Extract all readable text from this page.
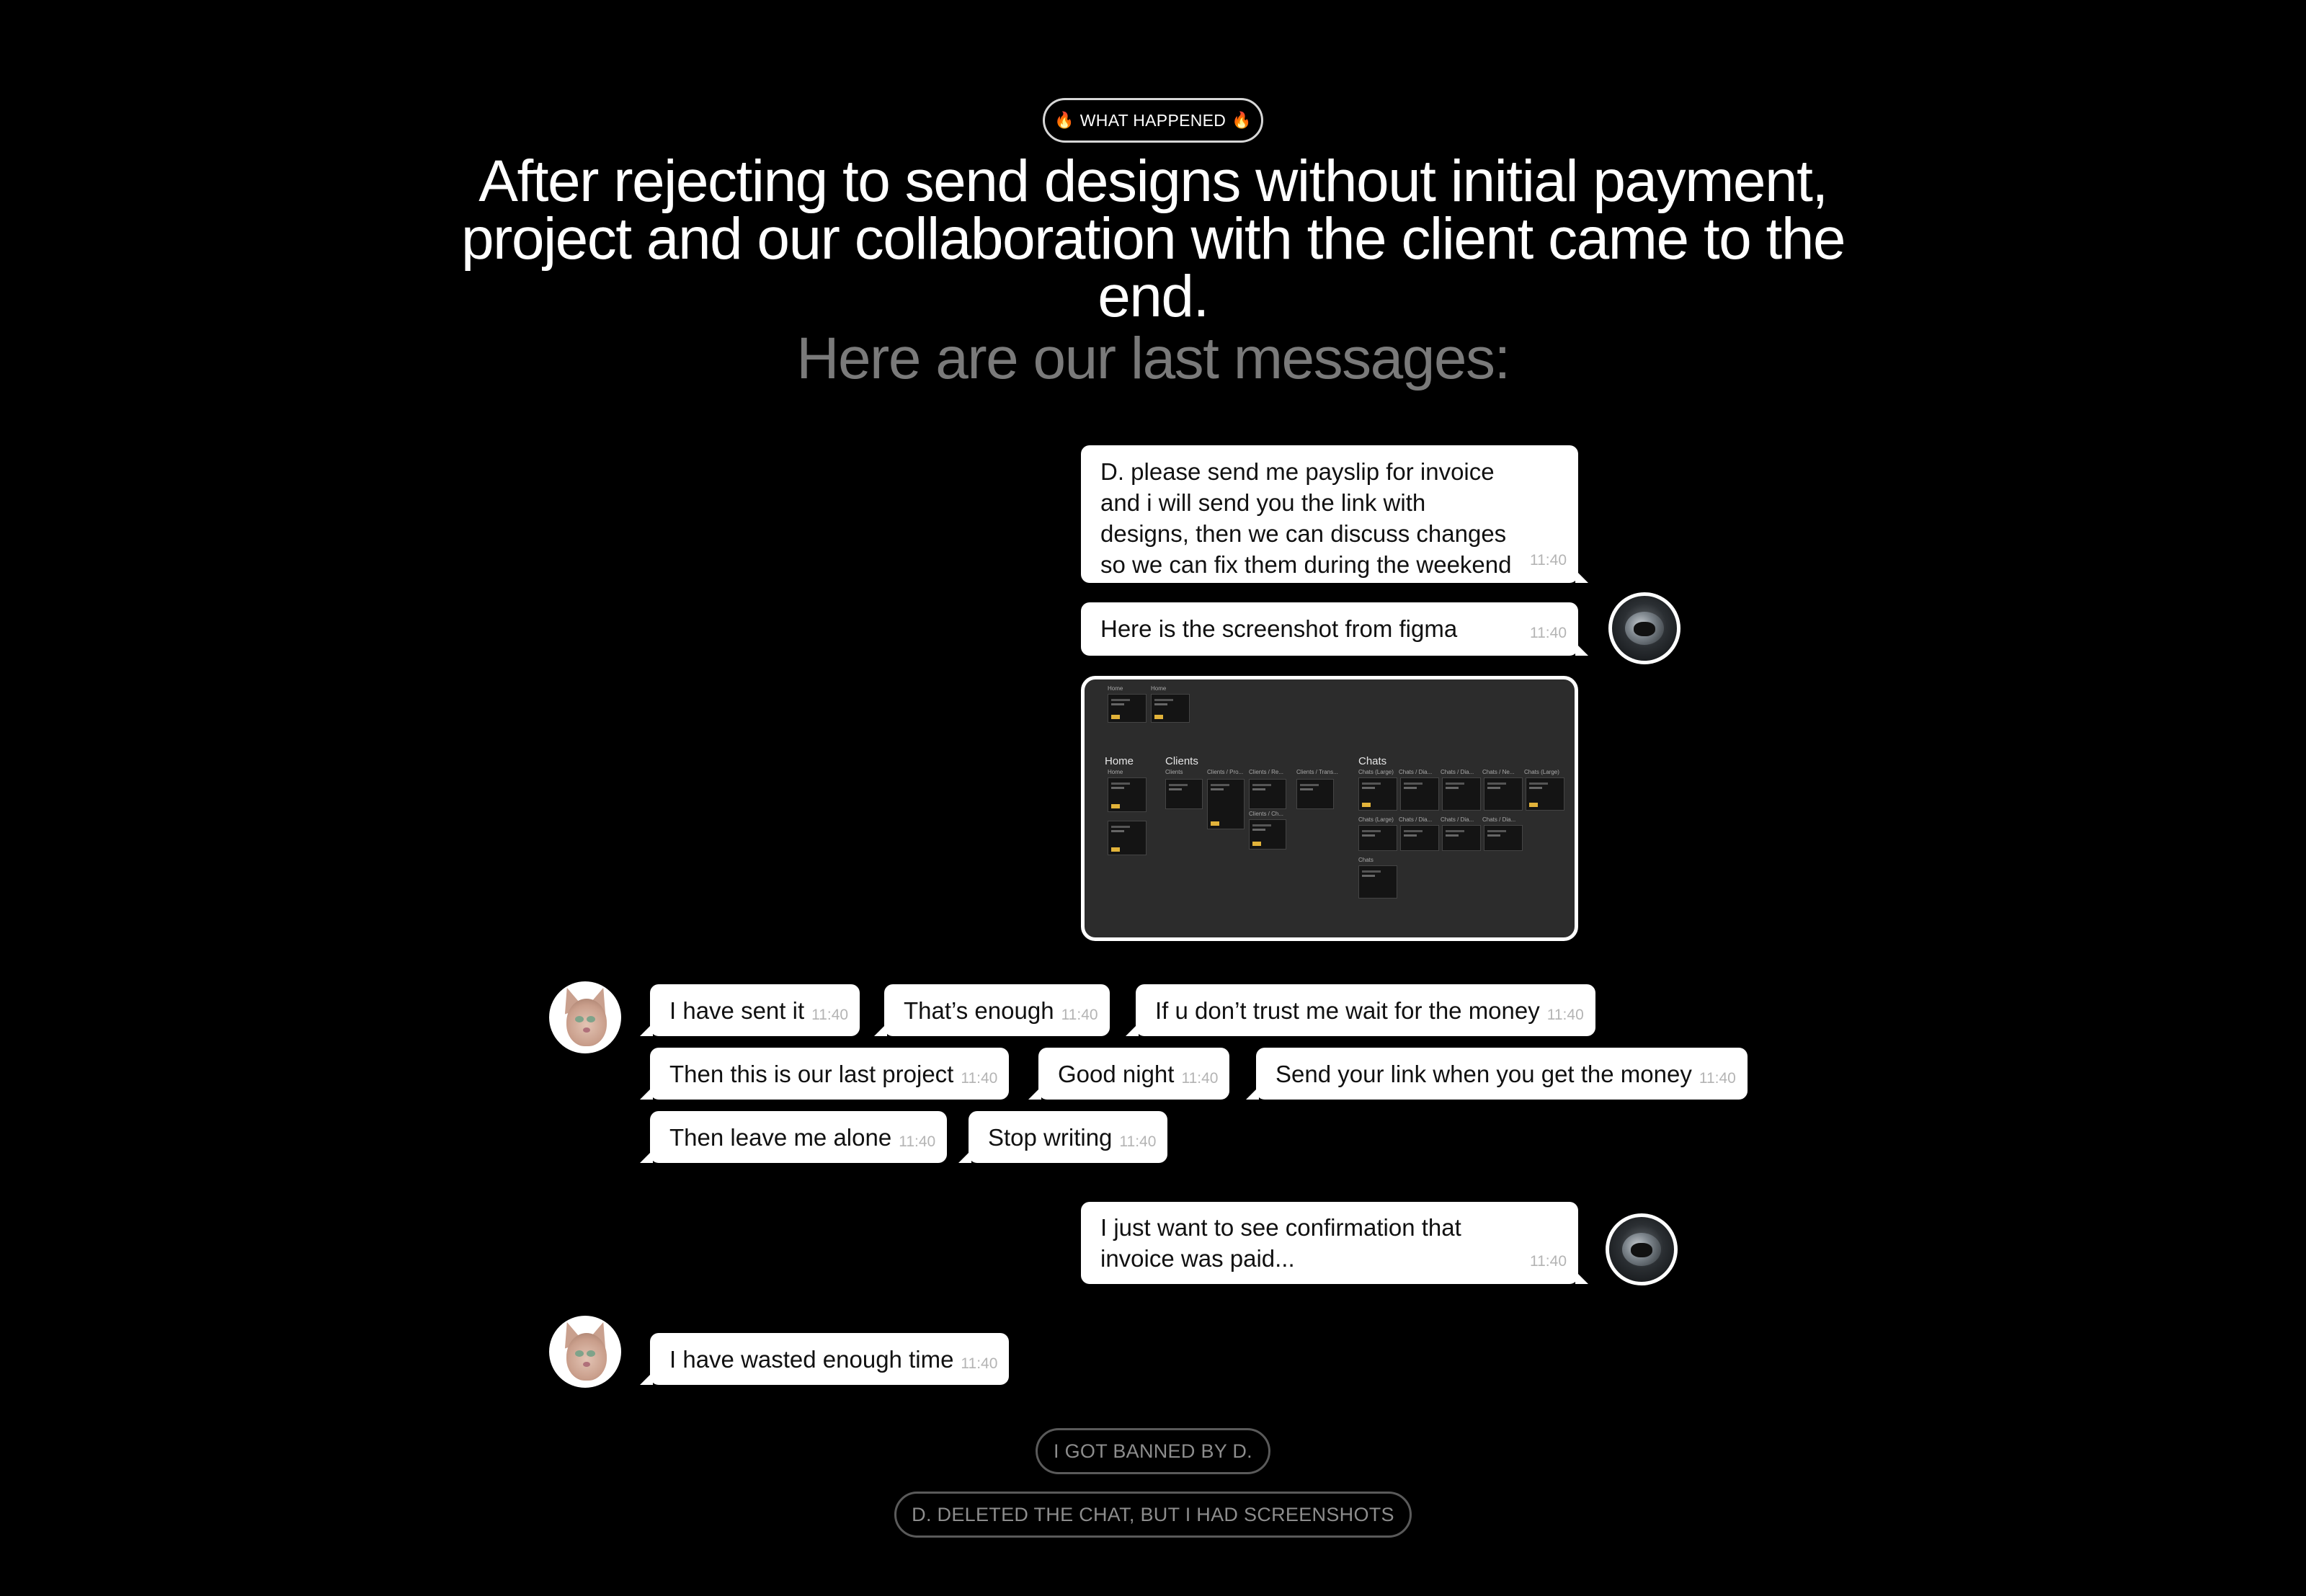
🔥 WHAT HAPPENED 🔥
After rejecting to send designs without initial payment, project and our collaboration with the client came to the end.
Here are our last messages:
D. please send me payslip for invoice
and i will send you the link with
designs, then we can discuss changes
so we can fix them during the weekend	11:40
Here is the screenshot from figma	11:40
Home	Home
Home	Clients	Chats
Home	Clients	Clients / Pro... Clients / Re... Clients / Trans...
Clients / Ch...
Chats (Large) Chats / Dia... Chats / Dia... Chats / Ne... Chats (Large)
Chats (Large) Chats / Dia... Chats / Dia... Chats / Dia...
Chats
I have sent it 11:40 That’s enough 11:40 If u don’t trust me wait for the money 11:40
Then this is our last project 11:40	Good night 11:40 Send your link when you get the money 11:40
Then leave me alone 11:40 Stop writing 11:40
I just want to see confirmation that
invoice was paid...	11:40
I have wasted enough time 11:40
I GOT BANNED BY D.
D. DELETED THE CHAT, BUT I HAD SCREENSHOTS
